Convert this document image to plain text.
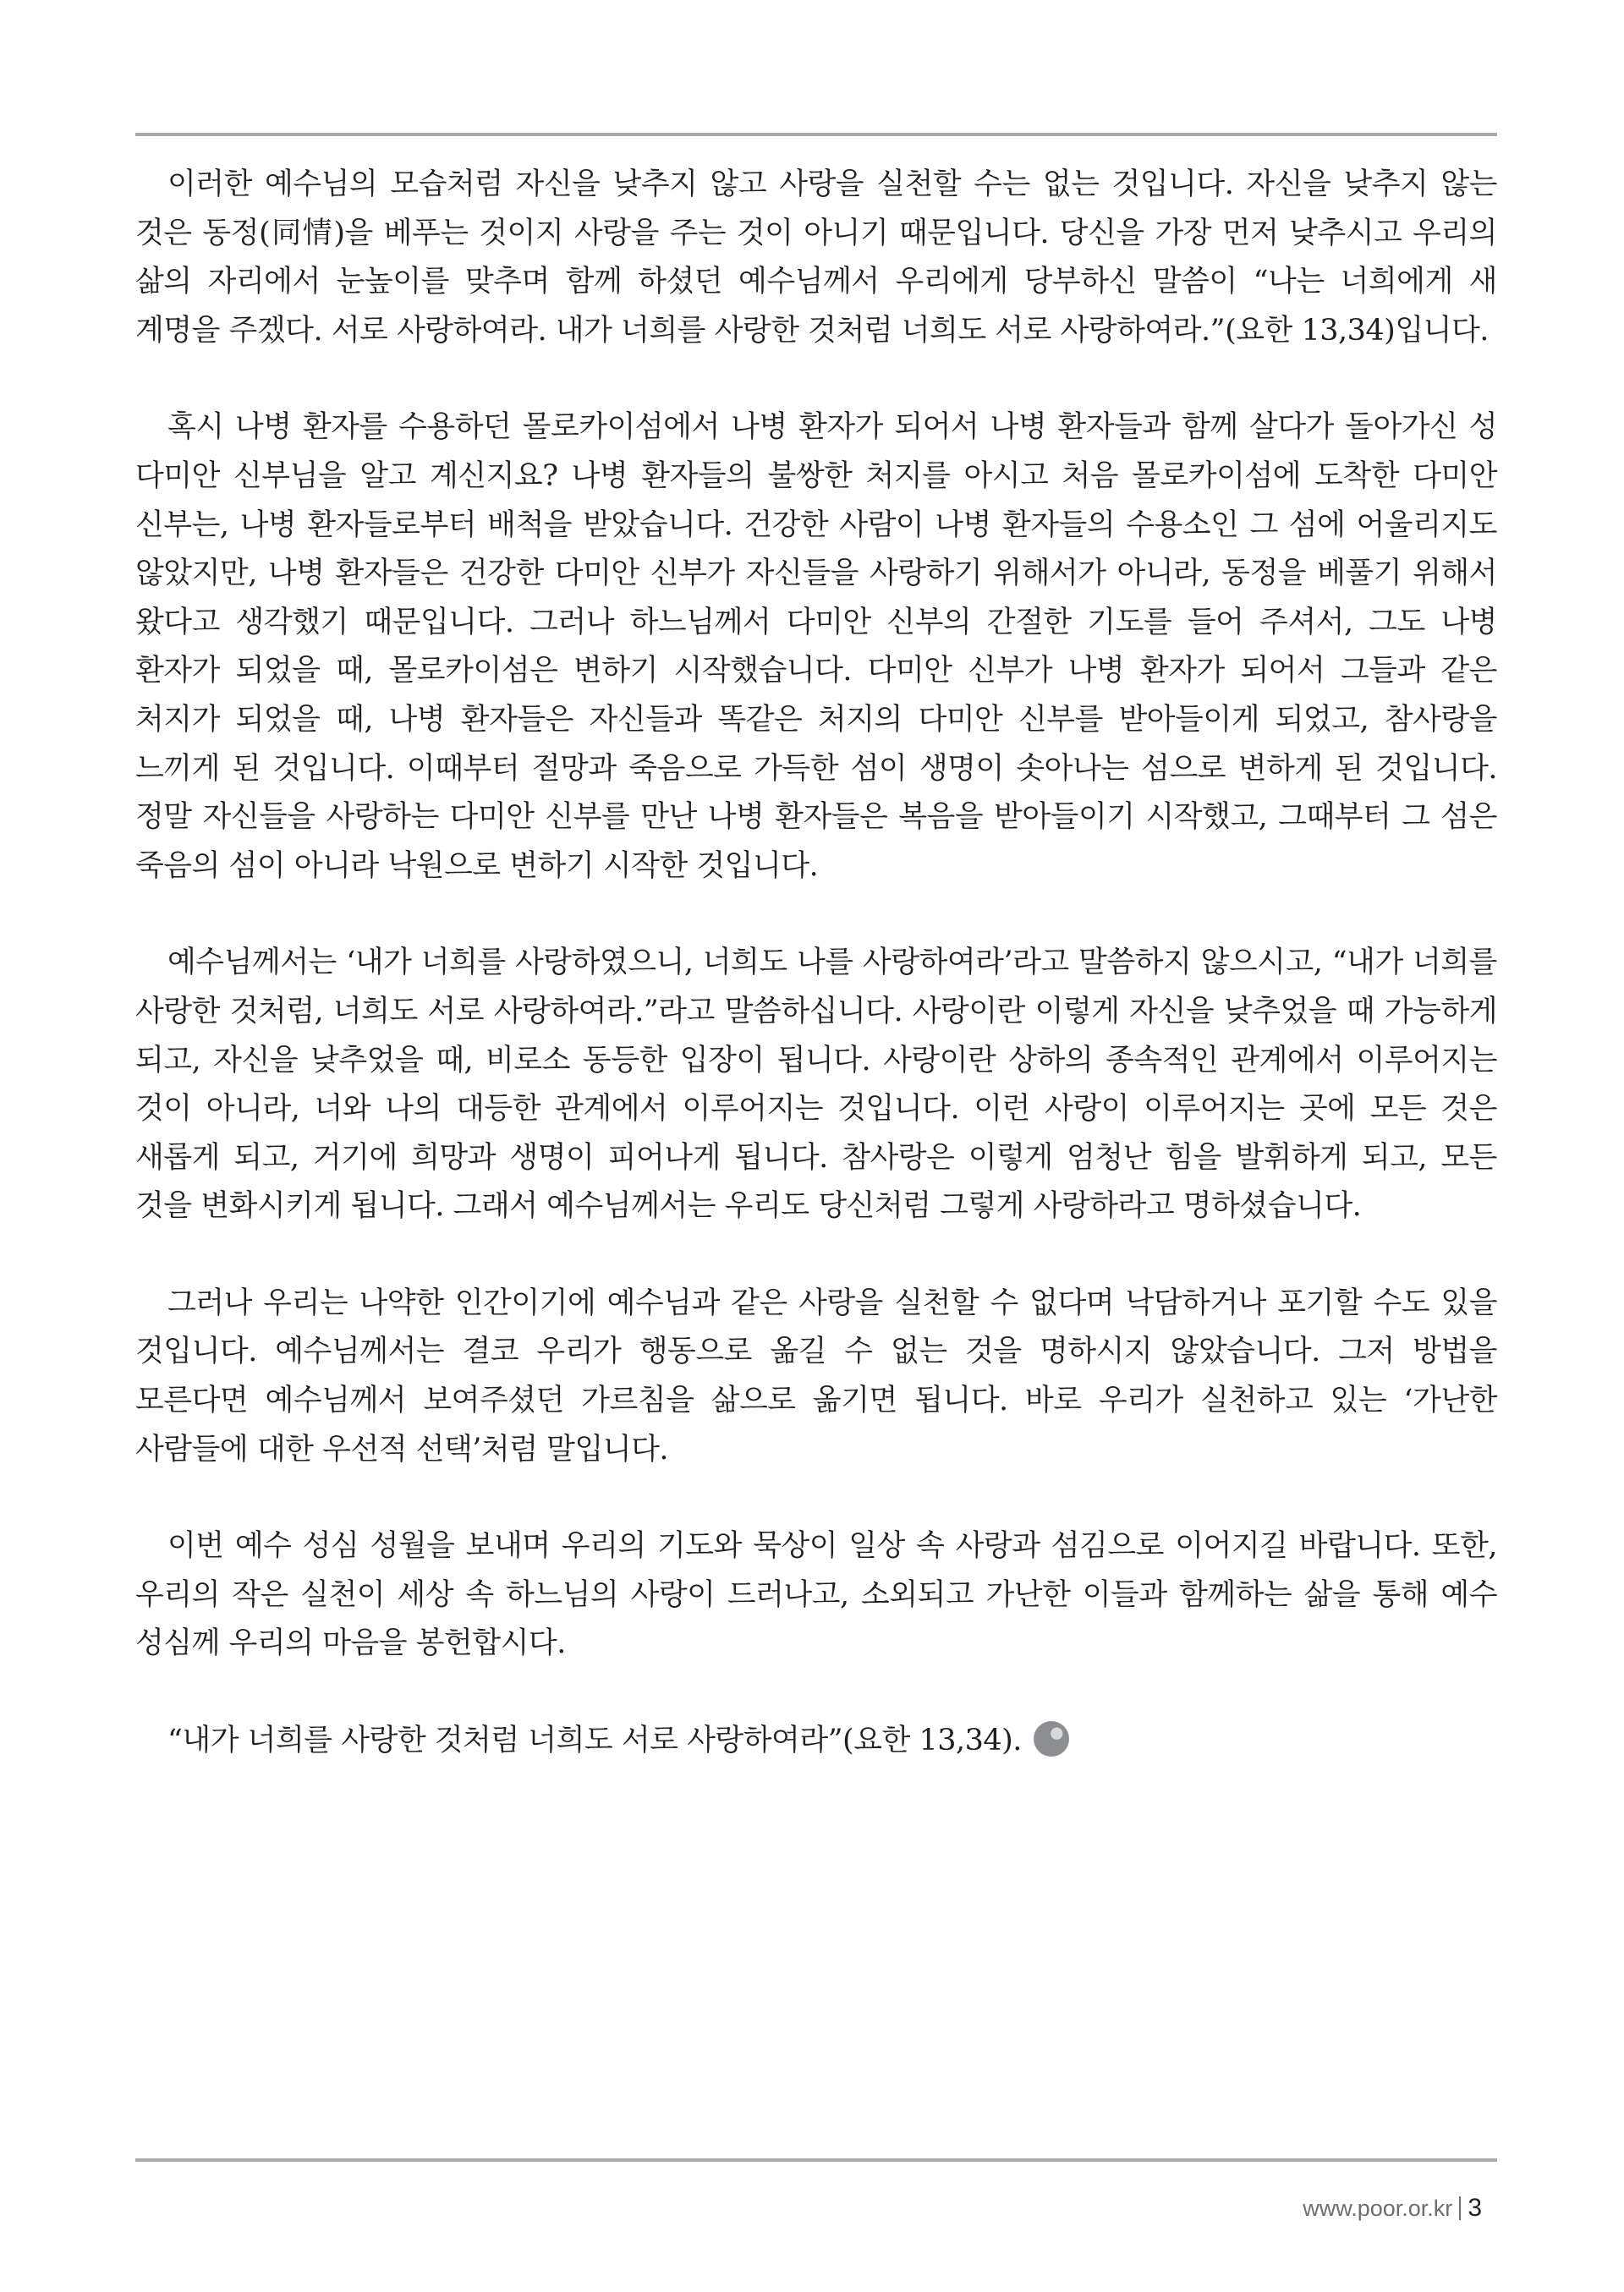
이러한 예수님의 모습처럼 자신을 낮추지 않고 사랑을 실천할 수는 없는 것입니다. 자신을 낮추지 않는 것은 동정(同情)을 베푸는 것이지 사랑을 주는 것이 아니기 때문입니다. 당신을 가장 먼저 낮추시고 우리의 삶의 자리에서 눈높이를 맞추며 함께 하셨던 예수님께서 우리에게 당부하신 말씀이 “나는 너희에게 새 계명을 주겠다. 서로 사랑하여라. 내가 너희를 사랑한 것처럼 너희도 서로 사랑하여라.”(요한 13,34)입니다.

혹시 나병 환자를 수용하던 몰로카이섬에서 나병 환자가 되어서 나병 환자들과 함께 살다가 돌아가신 성 다미안 신부님을 알고 계신지요? 나병 환자들의 불쌍한 처지를 아시고 처음 몰로카이섬에 도착한 다미안 신부는, 나병 환자들로부터 배척을 받았습니다. 건강한 사람이 나병 환자들의 수용소인 그 섬에 어울리지도 않았지만, 나병 환자들은 건강한 다미안 신부가 자신들을 사랑하기 위해서가 아니라, 동정을 베풀기 위해서 왔다고 생각했기 때문입니다. 그러나 하느님께서 다미안 신부의 간절한 기도를 들어 주셔서, 그도 나병 환자가 되었을 때, 몰로카이섬은 변하기 시작했습니다. 다미안 신부가 나병 환자가 되어서 그들과 같은 처지가 되었을 때, 나병 환자들은 자신들과 똑같은 처지의 다미안 신부를 받아들이게 되었고, 참사랑을 느끼게 된 것입니다. 이때부터 절망과 죽음으로 가득한 섬이 생명이 솟아나는 섬으로 변하게 된 것입니다. 정말 자신들을 사랑하는 다미안 신부를 만난 나병 환자들은 복음을 받아들이기 시작했고, 그때부터 그 섬은 죽음의 섬이 아니라 낙원으로 변하기 시작한 것입니다.

예수님께서는 ‘내가 너희를 사랑하였으니, 너희도 나를 사랑하여라’라고 말씀하지 않으시고, “내가 너희를 사랑한 것처럼, 너희도 서로 사랑하여라.”라고 말씀하십니다. 사랑이란 이렇게 자신을 낮추었을 때 가능하게 되고, 자신을 낮추었을 때, 비로소 동등한 입장이 됩니다. 사랑이란 상하의 종속적인 관계에서 이루어지는 것이 아니라, 너와 나의 대등한 관계에서 이루어지는 것입니다. 이런 사랑이 이루어지는 곳에 모든 것은 새롭게 되고, 거기에 희망과 생명이 피어나게 됩니다. 참사랑은 이렇게 엄청난 힘을 발휘하게 되고, 모든 것을 변화시키게 됩니다. 그래서 예수님께서는 우리도 당신처럼 그렇게 사랑하라고 명하셨습니다.

그러나 우리는 나약한 인간이기에 예수님과 같은 사랑을 실천할 수 없다며 낙담하거나 포기할 수도 있을 것입니다. 예수님께서는 결코 우리가 행동으로 옮길 수 없는 것을 명하시지 않았습니다. 그저 방법을 모른다면 예수님께서 보여주셨던 가르침을 삶으로 옮기면 됩니다. 바로 우리가 실천하고 있는 ‘가난한 사람들에 대한 우선적 선택’처럼 말입니다.

이번 예수 성심 성월을 보내며 우리의 기도와 묵상이 일상 속 사랑과 섬김으로 이어지길 바랍니다. 또한, 우리의 작은 실천이 세상 속 하느님의 사랑이 드러나고, 소외되고 가난한 이들과 함께하는 삶을 통해 예수 성심께 우리의 마음을 봉헌합시다.

“내가 너희를 사랑한 것처럼 너희도 서로 사랑하여라”(요한 13,34).

www.poor.or.kr 3
